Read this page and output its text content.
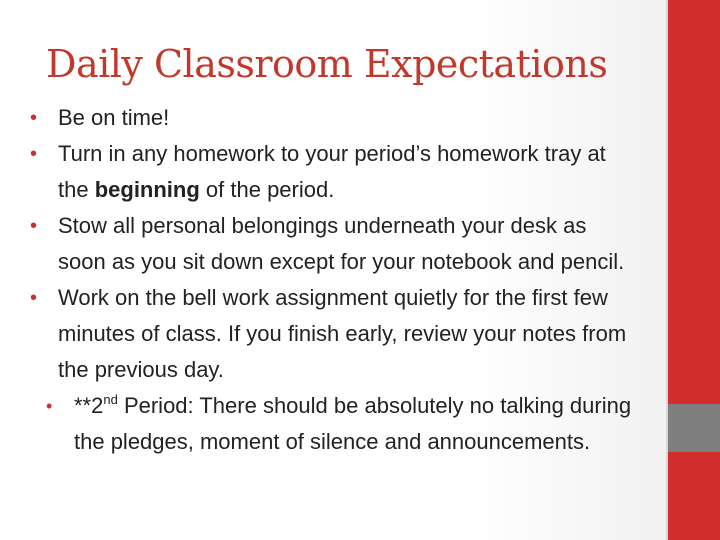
Daily Classroom Expectations
• Be on time!
• Turn in any homework to your period’s homework tray at the beginning of the period.
• Stow all personal belongings underneath your desk as soon as you sit down except for your notebook and pencil.
• Work on the bell work assignment quietly for the first few minutes of class. If you finish early, review your notes from the previous day.
• **2nd Period: There should be absolutely no talking during the pledges, moment of silence and announcements.
